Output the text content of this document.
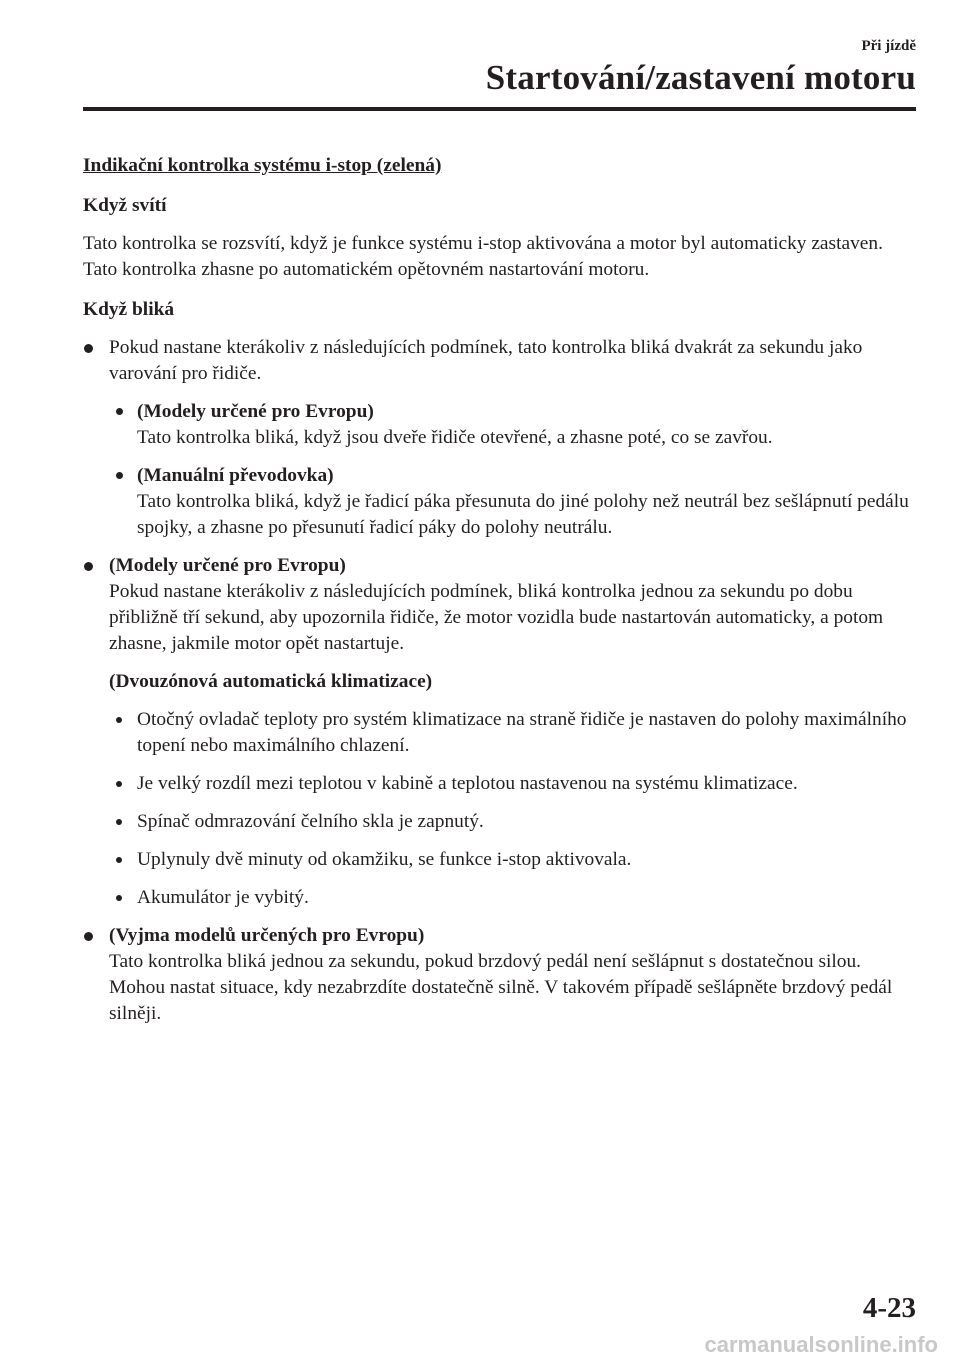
Při jízdě
Startování/zastavení motoru

Indikační kontrolka systému i-stop (zelená)

Když svítí

Tato kontrolka se rozsvítí, když je funkce systému i-stop aktivována a motor byl automaticky zastaven. Tato kontrolka zhasne po automatickém opětovném nastartování motoru.

Když bliká

Pokud nastane kterákoliv z následujících podmínek, tato kontrolka bliká dvakrát za sekundu jako varování pro řidiče.
(Modely určené pro Evropu)
Tato kontrolka bliká, když jsou dveře řidiče otevřené, a zhasne poté, co se zavřou.
(Manuální převodovka)
Tato kontrolka bliká, když je řadicí páka přesunuta do jiné polohy než neutrál bez sešlápnutí pedálu spojky, a zhasne po přesunutí řadicí páky do polohy neutrálu.
(Modely určené pro Evropu)
Pokud nastane kterákoliv z následujících podmínek, bliká kontrolka jednou za sekundu po dobu přibližně tří sekund, aby upozornila řidiče, že motor vozidla bude nastartován automaticky, a potom zhasne, jakmile motor opět nastartuje.

(Dvouzónová automatická klimatizace)

Otočný ovladač teploty pro systém klimatizace na straně řidiče je nastaven do polohy maximálního topení nebo maximálního chlazení.
Je velký rozdíl mezi teplotou v kabině a teplotou nastavenou na systému klimatizace.
Spínač odmrazování čelního skla je zapnutý.
Uplynuly dvě minuty od okamžiku, se funkce i-stop aktivovala.
Akumulátor je vybitý.
(Vyjma modelů určených pro Evropu)
Tato kontrolka bliká jednou za sekundu, pokud brzdový pedál není sešlápnut s dostatečnou silou. Mohou nastat situace, kdy nezabrzdíte dostatečně silně. V takovém případě sešlápněte brzdový pedál silněji.
4-23
carmanualsonline.info
